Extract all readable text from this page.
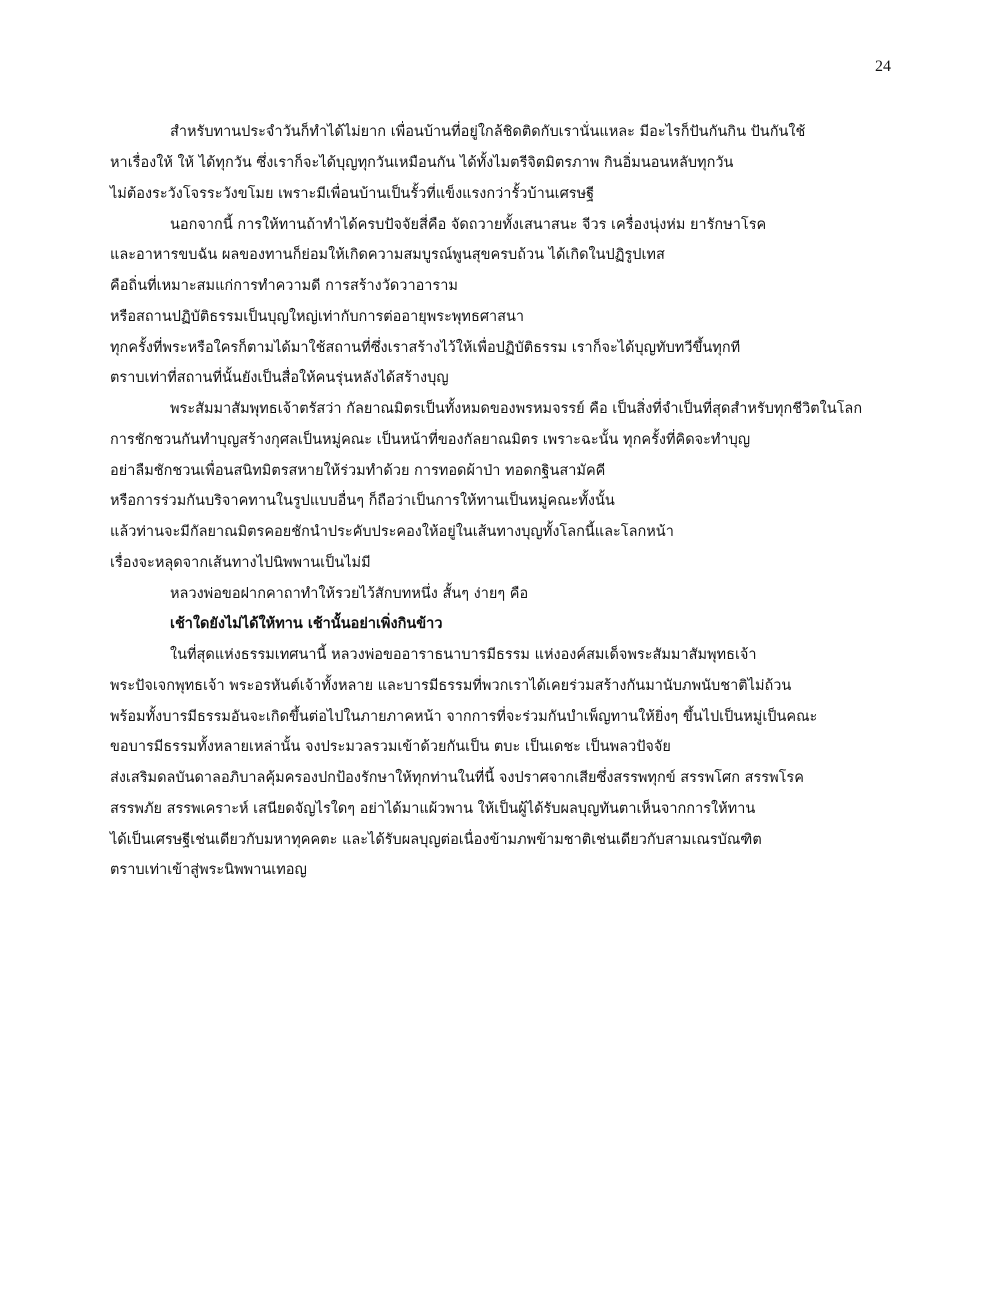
24
สำหรับทานประจำวันก็ทำได้ไม่ยาก เพื่อนบ้านที่อยู่ใกล้ชิดติดกับเรานั่นแหละ มีอะไรก็ปันกันกิน ปันกันใช้
หาเรื่องให้ ให้ ได้ทุกวัน ซึ่งเราก็จะได้บุญทุกวันเหมือนกัน ได้ทั้งไมตรีจิตมิตรภาพ กินอิ่มนอนหลับทุกวัน
ไม่ต้องระวังโจรระวังขโมย เพราะมีเพื่อนบ้านเป็นรั้วที่แข็งแรงกว่ารั้วบ้านเศรษฐี
นอกจากนี้ การให้ทานถ้าทำได้ครบปัจจัยสี่คือ จัดถวายทั้งเสนาสนะ จีวร เครื่องนุ่งห่ม ยารักษาโรค
และอาหารขบฉัน ผลของทานก็ย่อมให้เกิดความสมบูรณ์พูนสุขครบถ้วน ได้เกิดในปฏิรูปเทส
คือถิ่นที่เหมาะสมแก่การทำความดี การสร้างวัดวาอาราม
หรือสถานปฏิบัติธรรมเป็นบุญใหญ่เท่ากับการต่ออายุพระพุทธศาสนา
ทุกครั้งที่พระหรือใครก็ตามได้มาใช้สถานที่ซึ่งเราสร้างไว้ให้เพื่อปฏิบัติธรรม เราก็จะได้บุญทับทวีขึ้นทุกที
ตราบเท่าที่สถานที่นั้นยังเป็นสื่อให้คนรุ่นหลังได้สร้างบุญ
พระสัมมาสัมพุทธเจ้าตรัสว่า กัลยาณมิตรเป็นทั้งหมดของพรหมจรรย์ คือ เป็นสิ่งที่จำเป็นที่สุดสำหรับทุกชีวิตในโลก
การชักชวนกันทำบุญสร้างกุศลเป็นหมู่คณะ เป็นหน้าที่ของกัลยาณมิตร เพราะฉะนั้น ทุกครั้งที่คิดจะทำบุญ
อย่าลืมชักชวนเพื่อนสนิทมิตรสหายให้ร่วมทำด้วย การทอดผ้าป่า ทอดกฐินสามัคคี
หรือการร่วมกันบริจาคทานในรูปแบบอื่นๆ ก็ถือว่าเป็นการให้ทานเป็นหมู่คณะทั้งนั้น
แล้วท่านจะมีกัลยาณมิตรคอยชักนำประคับประคองให้อยู่ในเส้นทางบุญทั้งโลกนี้และโลกหน้า
เรื่องจะหลุดจากเส้นทางไปนิพพานเป็นไม่มี
หลวงพ่อขอฝากคาถาทำให้รวยไว้สักบทหนึ่ง สั้นๆ ง่ายๆ คือ
เช้าใดยังไม่ได้ให้ทาน เช้านั้นอย่าเพิ่งกินข้าว
ในที่สุดแห่งธรรมเทศนานี้ หลวงพ่อขออาราธนาบารมีธรรม แห่งองค์สมเด็จพระสัมมาสัมพุทธเจ้า
พระปัจเจกพุทธเจ้า พระอรหันต์เจ้าทั้งหลาย และบารมีธรรมที่พวกเราได้เคยร่วมสร้างกันมานับภพนับชาติไม่ถ้วน
พร้อมทั้งบารมีธรรมอันจะเกิดขึ้นต่อไปในภายภาคหน้า จากการที่จะร่วมกันบำเพ็ญทานให้ยิ่งๆ ขึ้นไปเป็นหมู่เป็นคณะ
ขอบารมีธรรมทั้งหลายเหล่านั้น จงประมวลรวมเข้าด้วยกันเป็น ตบะ เป็นเดชะ เป็นพลวปัจจัย
ส่งเสริมดลบันดาลอภิบาลคุ้มครองปกป้องรักษาให้ทุกท่านในที่นี้ จงปราศจากเสียซึ่งสรรพทุกข์ สรรพโศก สรรพโรค
สรรพภัย สรรพเคราะห์ เสนียดจัญไรใดๆ อย่าได้มาแผ้วพาน ให้เป็นผู้ได้รับผลบุญทันตาเห็นจากการให้ทาน
ได้เป็นเศรษฐีเช่นเดียวกับมหาทุคคตะ และได้รับผลบุญต่อเนื่องข้ามภพข้ามชาติเช่นเดียวกับสามเณรบัณฑิต
ตราบเท่าเข้าสู่พระนิพพานเทอญ
